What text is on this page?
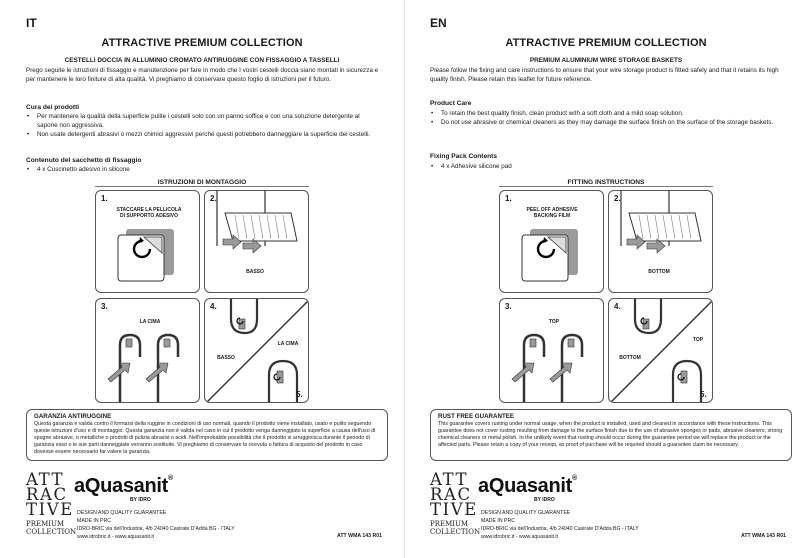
IT
ATTRACTIVE PREMIUM COLLECTION
CESTELLI DOCCIA IN ALLUMINIO CROMATO ANTIRUGGINE CON FISSAGGIO A TASSELLI

Prego seguite le istruzioni di fissaggio e manutenzione per fare in modo che I vostri cestelli doccia siano montati in sicurezza e per mantenere le loro finiture di alta qualità. Vi preghiamo di conservare questo foglio di istruzioni per il futuro.

Cura dei prodotti
• Per mantenere la qualità della superficie pulite i cestelli solo con un panno soffice e con una soluzione detergente al sapone non aggressiva.
• Non usate detergenti abrasivi o mezzi chimici aggressivi perché questi potrebbero danneggiare la superficie dei cestelli.
Contenuto del sacchetto di fissaggio
• 4 x Cuscinetto adesivo in silicone
ISTRUZIONI DI MONTAGGIO
1.
STACCARE LA PELLICOLA DI SUPPORTO ADESIVO
2.
BASSO
3.
LA CIMA
4.
BASSO
LA CIMA
5.
GARANZIA ANTIRUGGINE
Questa garanzia è valida contro il formarsi della ruggine in condizioni di uso normali, quando il prodotto viene installato, usato e pulito seguendo queste istruzioni d'uso e di montaggio. Questa garanzia non è valida nel caso in cui il prodotto venga danneggiato la superficie a causa dell'uso di spugne abrasive, o metalliche o prodotti di pulizia abrasivi o acidi. Nell'improbabile possibilità che il prodotto si arrugginisca durante il periodo di garanzia esso o le sue parti danneggiate verranno sostituite. Vi preghiamo di conservare la ricevuta o fattura di acquisto del prodotto in caso dovesse essere necessario far valere la garanzia.
ATT
RAC
TIVE
PREMIUM
COLLECTION
aQuasanit®
BY IDRO
DESIGN AND QUALITY GUARANTEE
MADE IN PRC
IDRO-BRIC via dell'Industria, 4/b 24040 Casirate D'Adda BG - ITALY
www.idrobric.it - www.aquasanit.it	ATT WMA 143 R01
EN
ATTRACTIVE PREMIUM COLLECTION
PREMIUM ALUMINIUM WIRE STORAGE BASKETS

Please follow the fixing and care instructions to ensure that your wire storage product is fitted safely and that it retains its high quality finish. Please retain this leaflet for future reference.

Product Care
• To retain the best quality finish, clean product with a soft cloth and a mild soap solution.
• Do not use abrasive or chemical cleaners as they may damage the surface finish on the surface of the storage baskets.
Fixing Pack Contents
• 4 x Adhesive silicone pad
FITTING INSTRUCTIONS
1.
PEEL OFF ADHESIVE BACKING FILM
2.
BOTTOM
3.
TOP
4.
BOTTOM
TOP
5.
RUST FREE GUARANTEE
This guarantee covers rusting under normal usage, when the product is installed, used and cleaned in accordance with these instructions. This guarantee does not cover rusting resulting from damage to the surface finish due to the use of abrasive sponges or pads, abrasive cleaners, strong chemical cleaners or metal polish. In the unlikely event that rusting should occur during the guarantee period we will replace the product or the affected parts. Please retain a copy of your receipt, as proof of purchase will be required should a guarantee claim be necessary.
ATT
RAC
TIVE
PREMIUM
COLLECTION
aQuasanit®
BY IDRO
DESIGN AND QUALITY GUARANTEE
MADE IN PRC
IDRO-BRIC via dell'Industria, 4/b 24040 Casirate D'Adda BG - ITALY
www.idrobric.it - www.aquasanit.it	ATT WMA 143 R01
